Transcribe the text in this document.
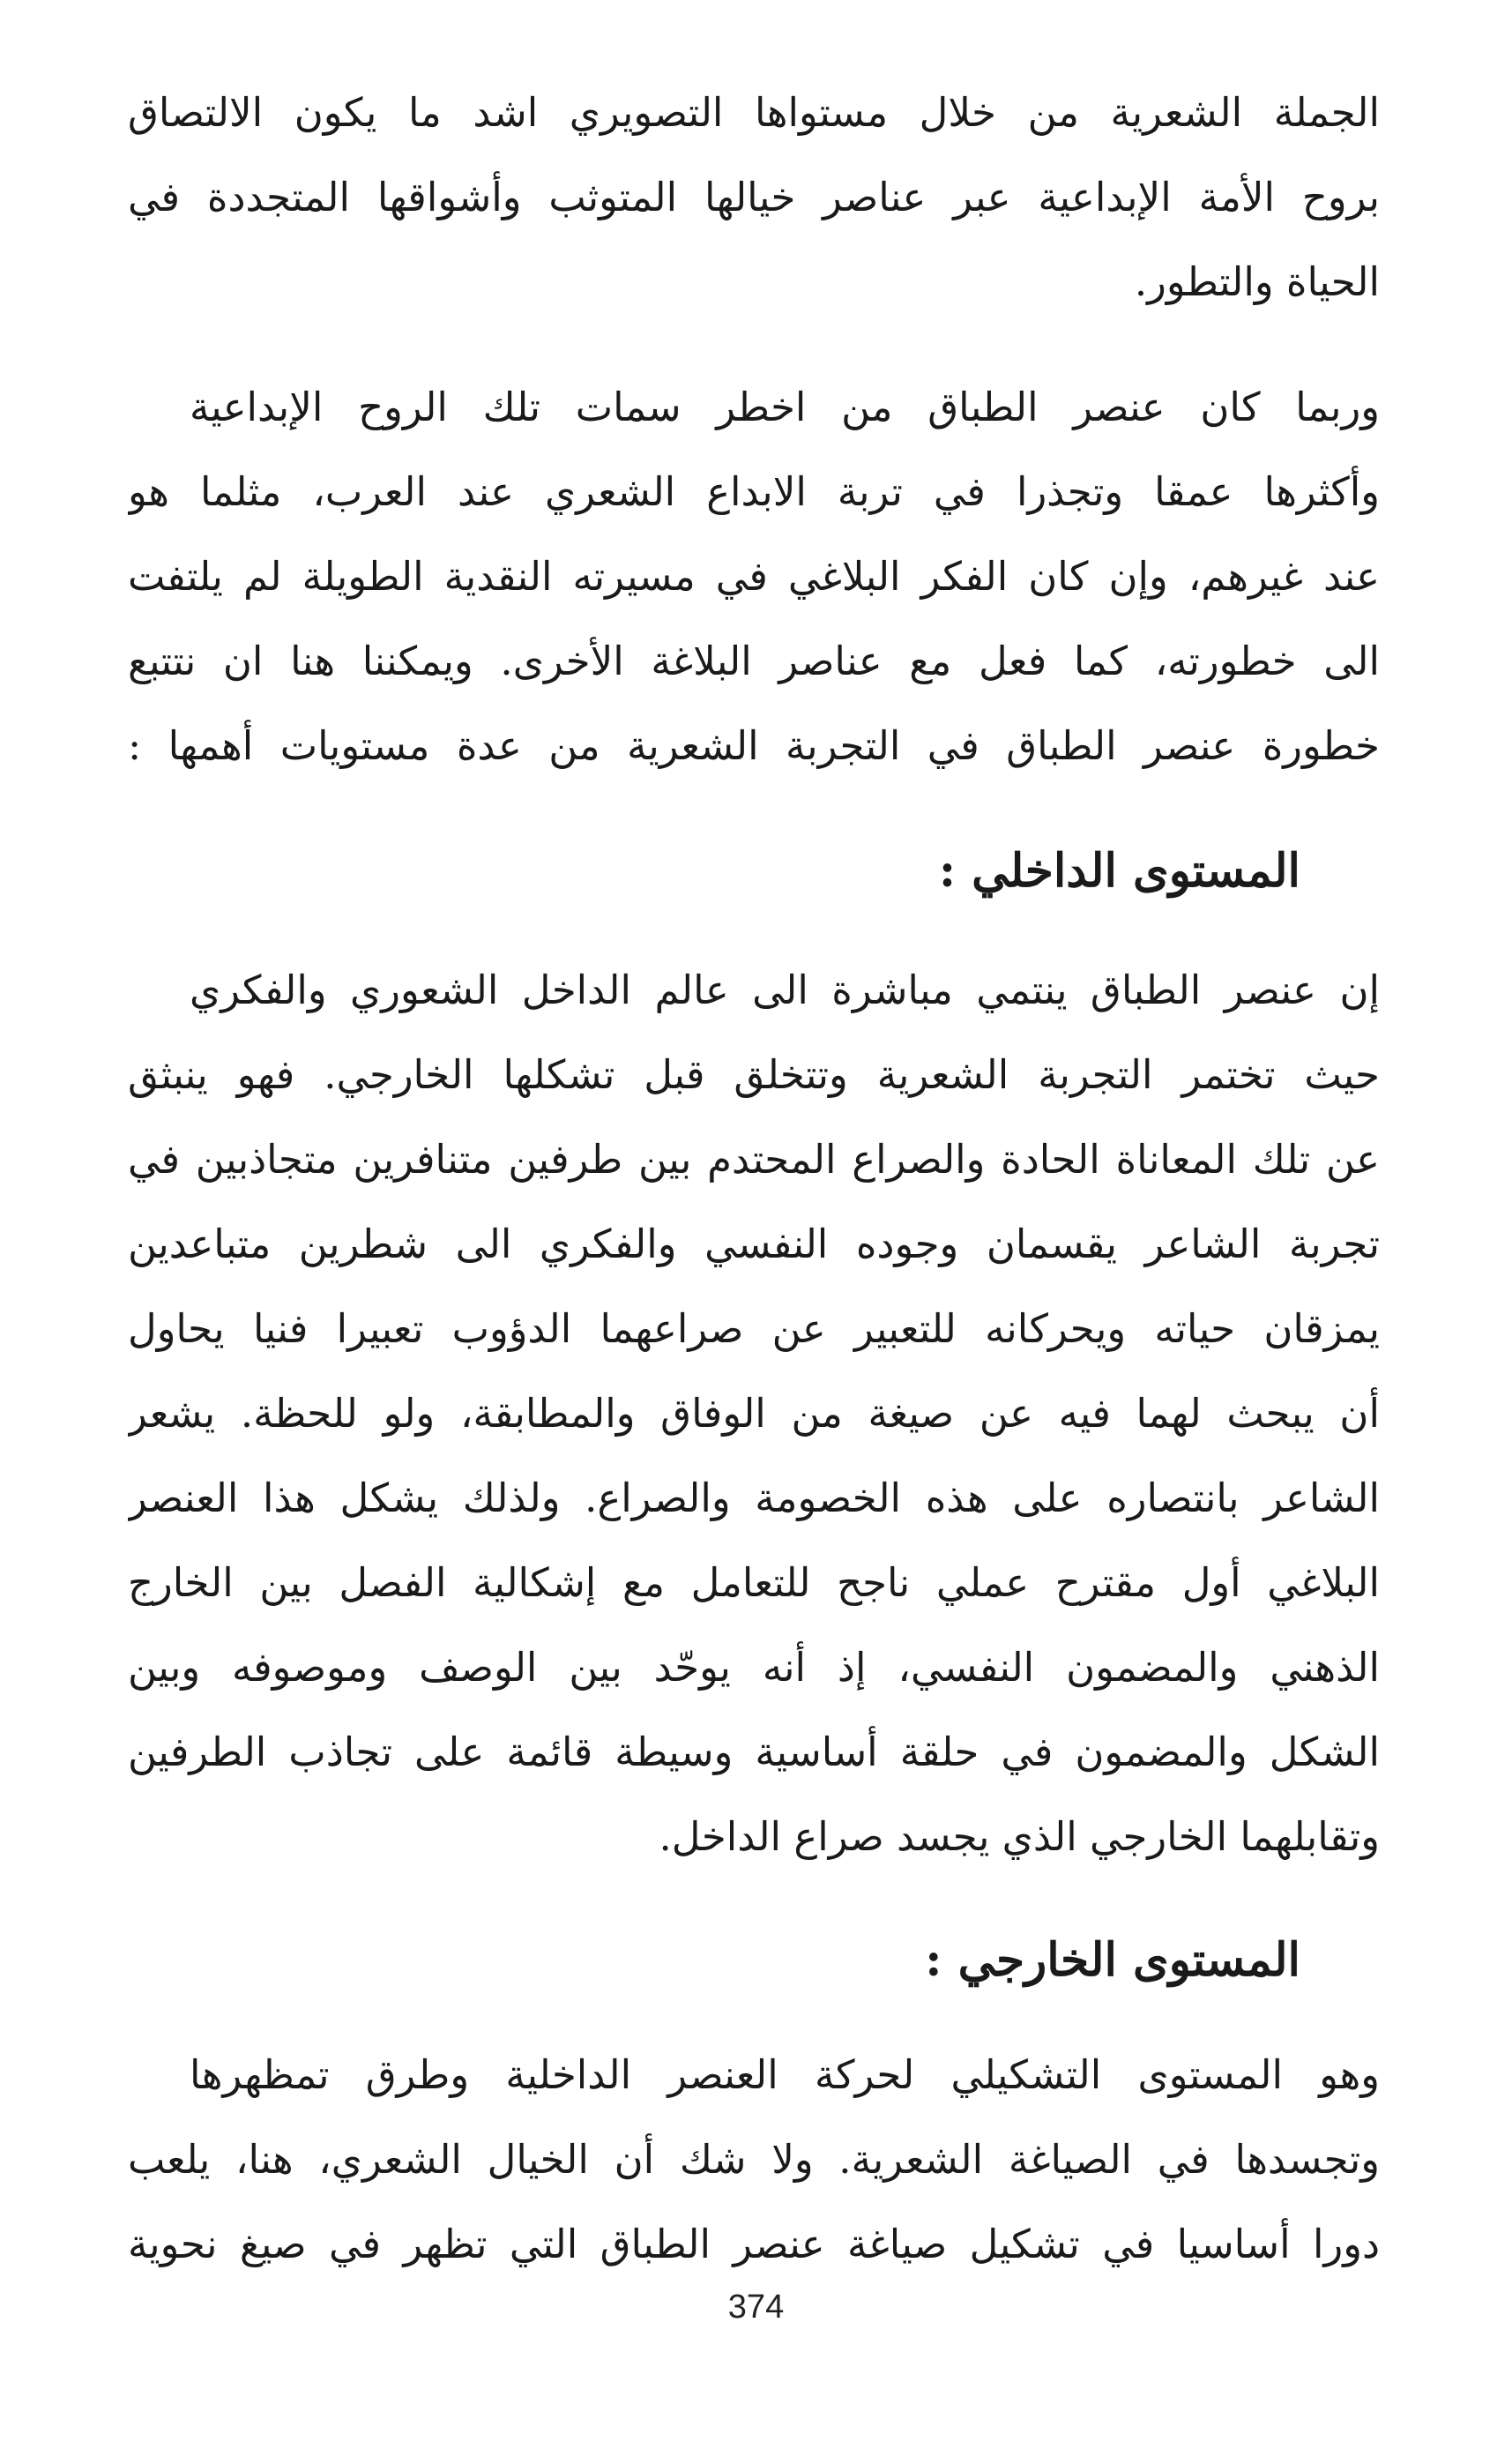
الجملة الشعرية من خلال مستواها التصويري اشد ما يكون الالتصاق
بروح الأمة الإبداعية عبر عناصر خيالها المتوثب وأشواقها المتجددة في
الحياة والتطور.
وربما كان عنصر الطباق من اخطر سمات تلك الروح الإبداعية
وأكثرها عمقا وتجذرا في تربة الابداع الشعري عند العرب، مثلما هو
عند غيرهم، وإن كان الفكر البلاغي في مسيرته النقدية الطويلة لم يلتفت
الى خطورته، كما فعل مع عناصر البلاغة الأخرى. ويمكننا هنا ان نتتبع
خطورة عنصر الطباق في التجربة الشعرية من عدة مستويات أهمها :
المستوى الداخلي :
إن عنصر الطباق ينتمي مباشرة الى عالم الداخل الشعوري والفكري
حيث تختمر التجربة الشعرية وتتخلق قبل تشكلها الخارجي. فهو ينبثق
عن تلك المعاناة الحادة والصراع المحتدم بين طرفين متنافرين متجاذبين في
تجربة الشاعر يقسمان وجوده النفسي والفكري الى شطرين متباعدين
يمزقان حياته ويحركانه للتعبير عن صراعهما الدؤوب تعبيرا فنيا يحاول
أن يبحث لهما فيه عن صيغة من الوفاق والمطابقة، ولو للحظة. يشعر
الشاعر بانتصاره على هذه الخصومة والصراع. ولذلك يشكل هذا العنصر
البلاغي أول مقترح عملي ناجح للتعامل مع إشكالية الفصل بين الخارج
الذهني والمضمون النفسي، إذ أنه يوحّد بين الوصف وموصوفه وبين
الشكل والمضمون في حلقة أساسية وسيطة قائمة على تجاذب الطرفين
وتقابلهما الخارجي الذي يجسد صراع الداخل.
المستوى الخارجي :
وهو المستوى التشكيلي لحركة العنصر الداخلية وطرق تمظهرها
وتجسدها في الصياغة الشعرية. ولا شك أن الخيال الشعري، هنا، يلعب
دورا أساسيا في تشكيل صياغة عنصر الطباق التي تظهر في صيغ نحوية
374
